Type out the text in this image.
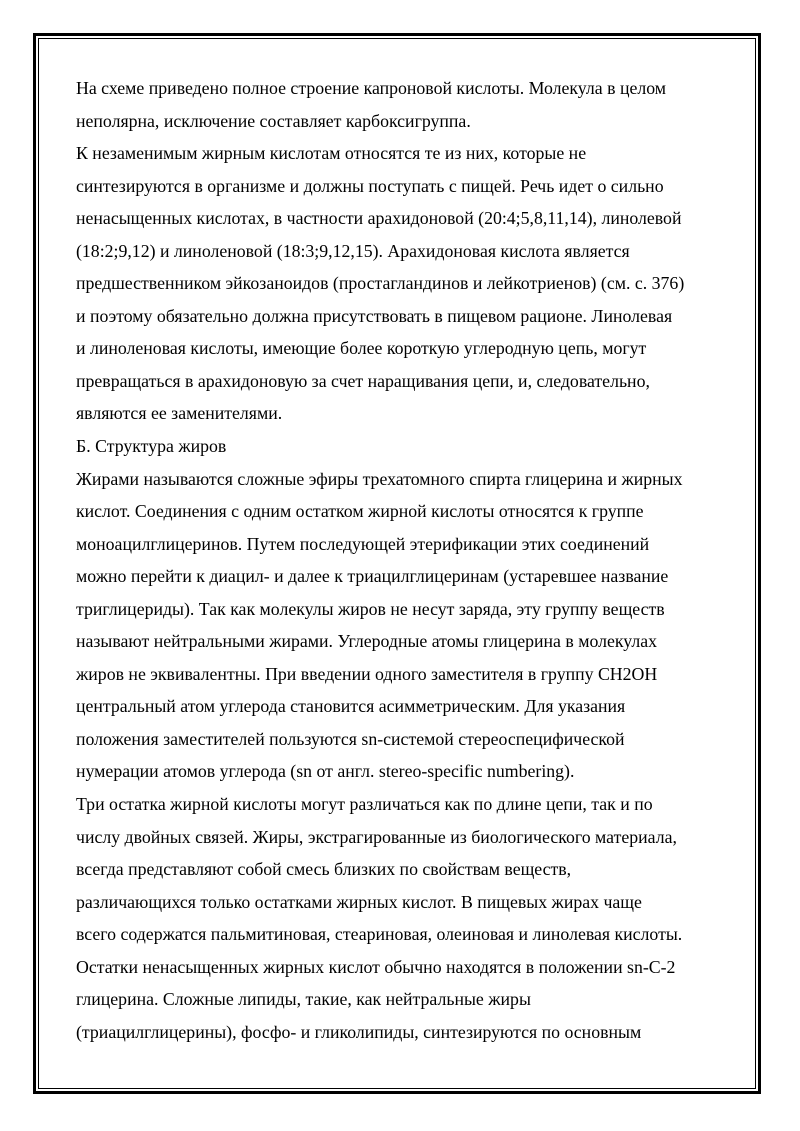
На схеме приведено полное строение капроновой кислоты. Молекула в целом
неполярна, исключение составляет карбоксигруппа.
К незаменимым жирным кислотам относятся те из них, которые не
синтезируются в организме и должны поступать с пищей. Речь идет о сильно
ненасыщенных кислотах, в частности арахидоновой (20:4;5,8,11,14), линолевой
(18:2;9,12) и линоленовой (18:3;9,12,15). Арахидоновая кислота является
предшественником эйкозаноидов (простагландинов и лейкотриенов) (см. с. 376)
и поэтому обязательно должна присутствовать в пищевом рационе. Линолевая
и линоленовая кислоты, имеющие более короткую углеродную цепь, могут
превращаться в арахидоновую за счет наращивания цепи, и, следовательно,
являются ее заменителями.
Б. Структура жиров
Жирами называются сложные эфиры трехатомного спирта глицерина и жирных
кислот. Соединения с одним остатком жирной кислоты относятся к группе
моноацилглицеринов. Путем последующей этерификации этих соединений
можно перейти к диацил- и далее к триацилглицеринам (устаревшее название
триглицериды). Так как молекулы жиров не несут заряда, эту группу веществ
называют нейтральными жирами. Углеродные атомы глицерина в молекулах
жиров не эквивалентны. При введении одного заместителя в группу CH2OH
центральный атом углерода становится асимметрическим. Для указания
положения заместителей пользуются sn-системой стереоспецифической
нумерации атомов углерода (sn от англ. stereo-specific numbering).
Три остатка жирной кислоты могут различаться как по длине цепи, так и по
числу двойных связей. Жиры, экстрагированные из биологического материала,
всегда представляют собой смесь близких по свойствам веществ,
различающихся только остатками жирных кислот. В пищевых жирах чаще
всего содержатся пальмитиновая, стеариновая, олеиновая и линолевая кислоты.
Остатки ненасыщенных жирных кислот обычно находятся в положении sn-C-2
глицерина. Сложные липиды, такие, как нейтральные жиры
(триацилглицерины), фосфо- и гликолипиды, синтезируются по основным
